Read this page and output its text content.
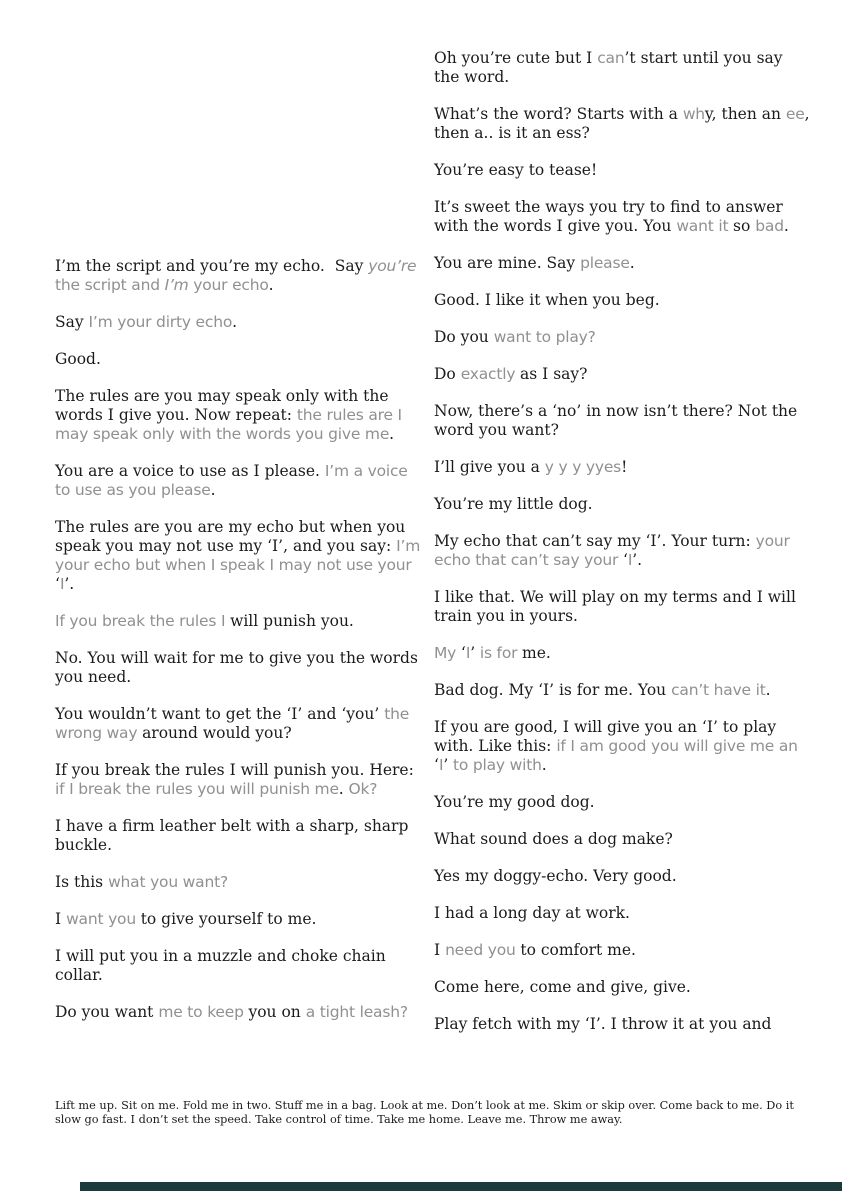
I’m the script and you’re my echo.  Say you’re the script and I’m your echo.

Say I’m your dirty echo.

Good.

The rules are you may speak only with the words I give you. Now repeat: the rules are I may speak only with the words you give me.

You are a voice to use as I please. I’m a voice to use as you please.

The rules are you are my echo but when you speak you may not use my ‘I’, and you say: I’m your echo but when I speak I may not use your ‘I’.

If you break the rules I will punish you.

No. You will wait for me to give you the words you need.

You wouldn’t want to get the ‘I’ and ‘you’ the wrong way around would you?

If you break the rules I will punish you. Here: if I break the rules you will punish me. Ok?

I have a firm leather belt with a sharp, sharp buckle.

Is this what you want?

I want you to give yourself to me.

I will put you in a muzzle and choke chain collar.

Do you want me to keep you on a tight leash?

Oh you’re cute but I can’t start until you say the word.

What’s the word? Starts with a why, then an ee, then a.. is it an ess?

You’re easy to tease!

It’s sweet the ways you try to find to answer with the words I give you. You want it so bad.

You are mine. Say please.

Good. I like it when you beg.

Do you want to play?

Do exactly as I say?

Now, there’s a ‘no’ in now isn’t there? Not the word you want?

I’ll give you a y y y yyes!

You’re my little dog.

My echo that can’t say my ‘I’. Your turn: your echo that can’t say your ‘I’.

I like that. We will play on my terms and I will train you in yours.

My ‘I’ is for me.

Bad dog. My ‘I’ is for me. You can’t have it.

If you are good, I will give you an ‘I’ to play with. Like this: if I am good you will give me an ‘I’ to play with.

You’re my good dog.

What sound does a dog make?

Yes my doggy-echo. Very good.

I had a long day at work.

I need you to comfort me.

Come here, come and give, give.

Play fetch with my ‘I’. I throw it at you and

Lift me up. Sit on me. Fold me in two. Stuff me in a bag. Look at me. Don’t look at me. Skim or skip over. Come back to me. Do it slow go fast. I don’t set the speed. Take control of time. Take me home. Leave me. Throw me away.
